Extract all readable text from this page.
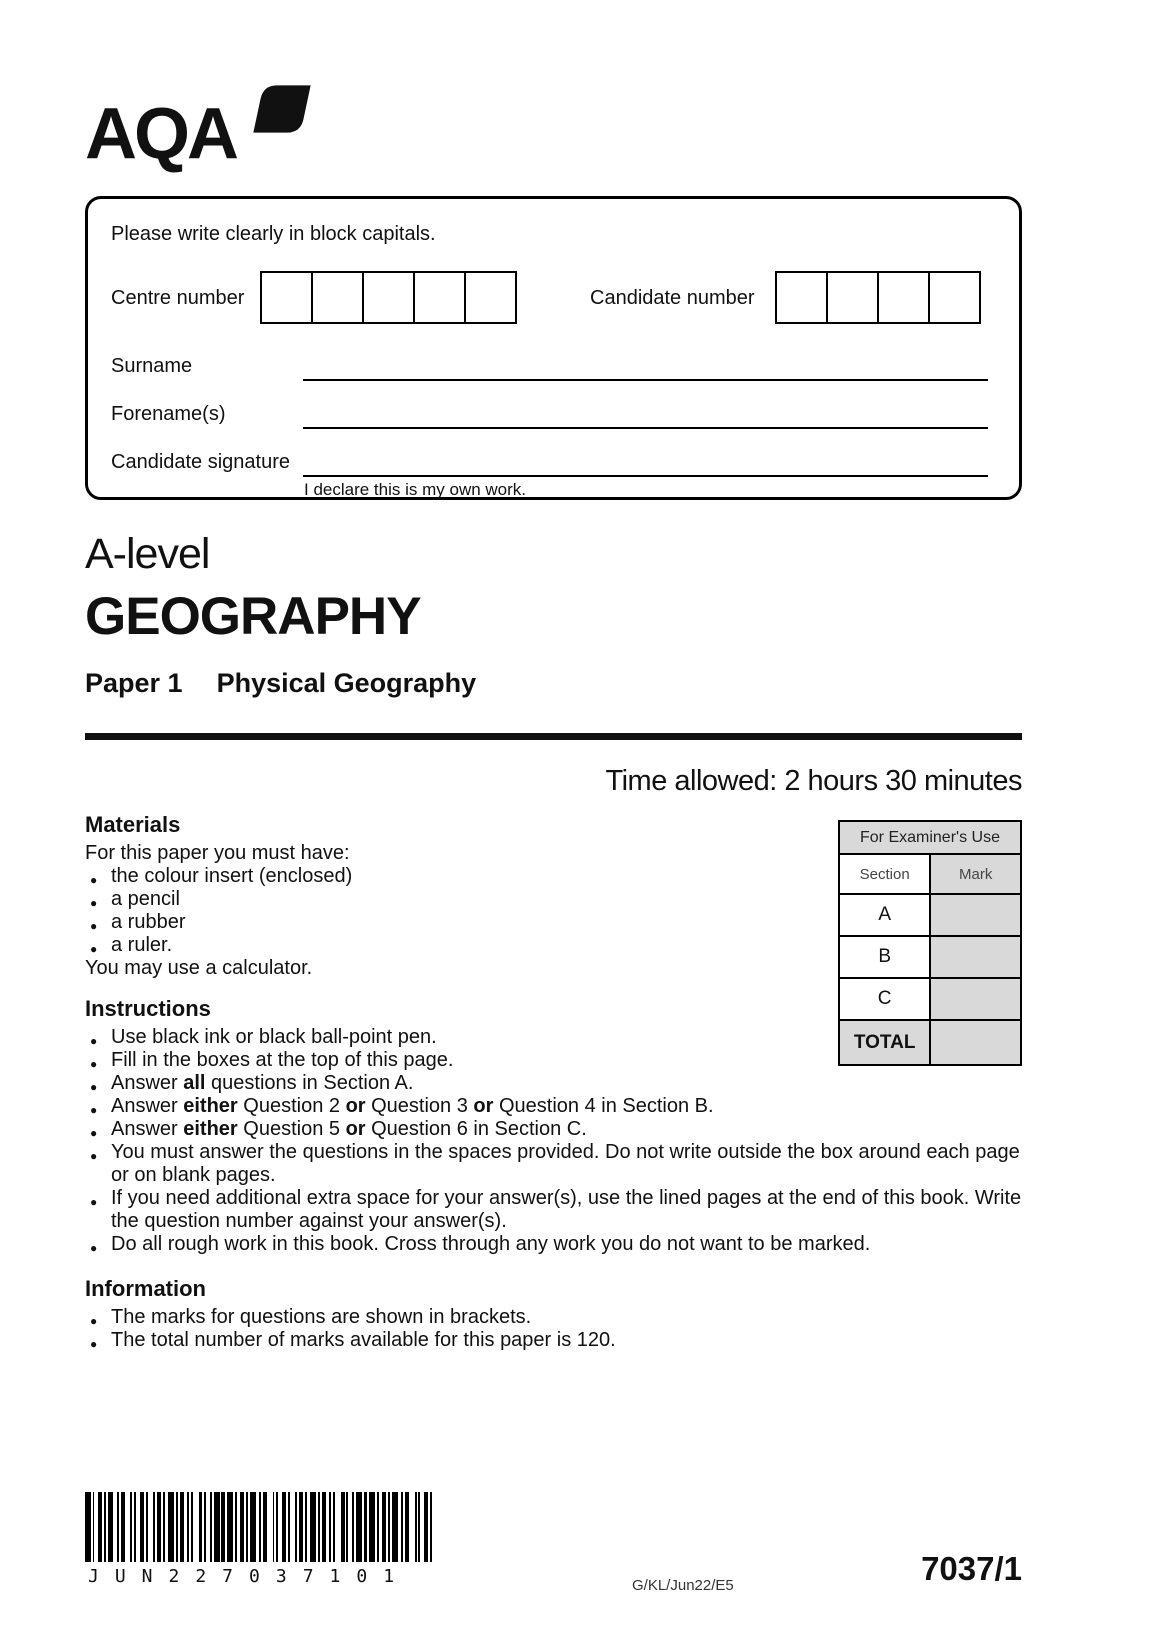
AQA
Please write clearly in block capitals.
Centre number	Candidate number
Surname
Forename(s)
Candidate signature
I declare this is my own work.
A-level
GEOGRAPHY
Paper 1 Physical Geography
Time allowed: 2 hours 30 minutes
Materials
For this paper you must have:
● the colour insert (enclosed)
● a pencil
● a rubber
● a ruler.
You may use a calculator.
For Examiner's Use	
Section	Mark
A	
B	
C	
TOTAL	
Instructions
● Use black ink or black ball-point pen.
● Fill in the boxes at the top of this page.
● Answer all questions in Section A.
● Answer either Question 2 or Question 3 or Question 4 in Section B.
● Answer either Question 5 or Question 6 in Section C.
● You must answer the questions in the spaces provided. Do not write outside the box around each page or on blank pages.
● If you need additional extra space for your answer(s), use the lined pages at the end of this book. Write the question number against your answer(s).
● Do all rough work in this book. Cross through any work you do not want to be marked.
Information
● The marks for questions are shown in brackets.
● The total number of marks available for this paper is 120.
JUN227037101	G/KL/Jun22/E5	7037/1
